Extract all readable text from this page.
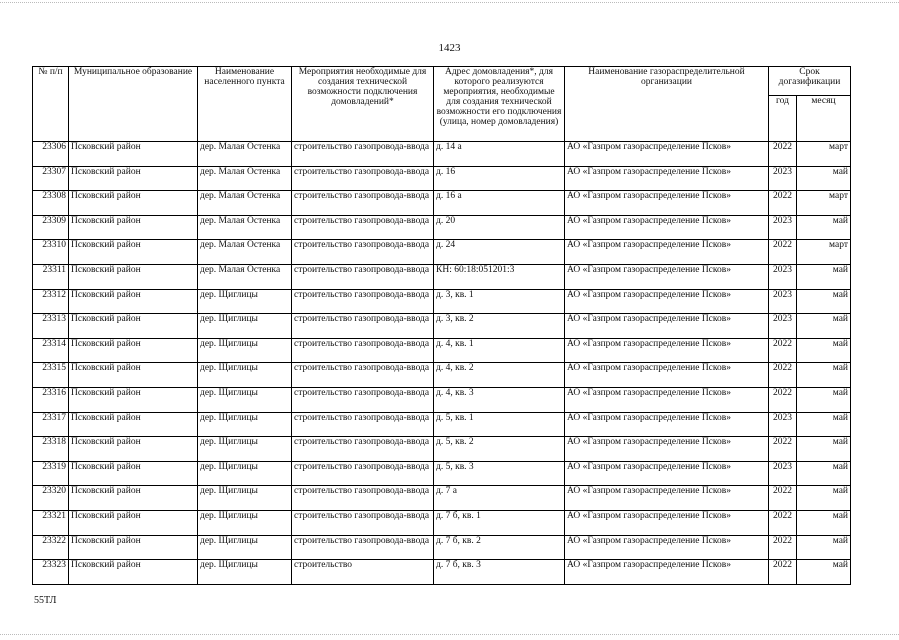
1423
№ п/п	Муниципальное образование	Наименование населенного пункта	Мероприятия необходимые для создания технической возможности подключения домовладений*	Адрес домовладения*, для которого реализуются мероприятия, необходимые для создания технической возможности его подключения (улица, номер домовладения)	Наименование газораспределительной организации	Срок догазификации	
						год	месяц
23306	Псковский район	дер. Малая Остенка	строительство газопровода-ввода	д. 14 а	АО «Газпром газораспределение Псков»	2022	март
23307	Псковский район	дер. Малая Остенка	строительство газопровода-ввода	д. 16	АО «Газпром газораспределение Псков»	2023	май
23308	Псковский район	дер. Малая Остенка	строительство газопровода-ввода	д. 16 а	АО «Газпром газораспределение Псков»	2022	март
23309	Псковский район	дер. Малая Остенка	строительство газопровода-ввода	д. 20	АО «Газпром газораспределение Псков»	2023	май
23310	Псковский район	дер. Малая Остенка	строительство газопровода-ввода	д. 24	АО «Газпром газораспределение Псков»	2022	март
23311	Псковский район	дер. Малая Остенка	строительство газопровода-ввода	КН: 60:18:051201:3	АО «Газпром газораспределение Псков»	2023	май
23312	Псковский район	дер. Щиглицы	строительство газопровода-ввода	д. 3, кв. 1	АО «Газпром газораспределение Псков»	2023	май
23313	Псковский район	дер. Щиглицы	строительство газопровода-ввода	д. 3, кв. 2	АО «Газпром газораспределение Псков»	2023	май
23314	Псковский район	дер. Щиглицы	строительство газопровода-ввода	д. 4, кв. 1	АО «Газпром газораспределение Псков»	2022	май
23315	Псковский район	дер. Щиглицы	строительство газопровода-ввода	д. 4, кв. 2	АО «Газпром газораспределение Псков»	2022	май
23316	Псковский район	дер. Щиглицы	строительство газопровода-ввода	д. 4, кв. 3	АО «Газпром газораспределение Псков»	2022	май
23317	Псковский район	дер. Щиглицы	строительство газопровода-ввода	д. 5, кв. 1	АО «Газпром газораспределение Псков»	2023	май
23318	Псковский район	дер. Щиглицы	строительство газопровода-ввода	д. 5, кв. 2	АО «Газпром газораспределение Псков»	2022	май
23319	Псковский район	дер. Щиглицы	строительство газопровода-ввода	д. 5, кв. 3	АО «Газпром газораспределение Псков»	2023	май
23320	Псковский район	дер. Щиглицы	строительство газопровода-ввода	д. 7 а	АО «Газпром газораспределение Псков»	2022	май
23321	Псковский район	дер. Щиглицы	строительство газопровода-ввода	д. 7 б, кв. 1	АО «Газпром газораспределение Псков»	2022	май
23322	Псковский район	дер. Щиглицы	строительство газопровода-ввода	д. 7 б, кв. 2	АО «Газпром газораспределение Псков»	2022	май
23323	Псковский район	дер. Щиглицы	строительство	д. 7 б, кв. 3	АО «Газпром газораспределение Псков»	2022	май
55ТЛ
